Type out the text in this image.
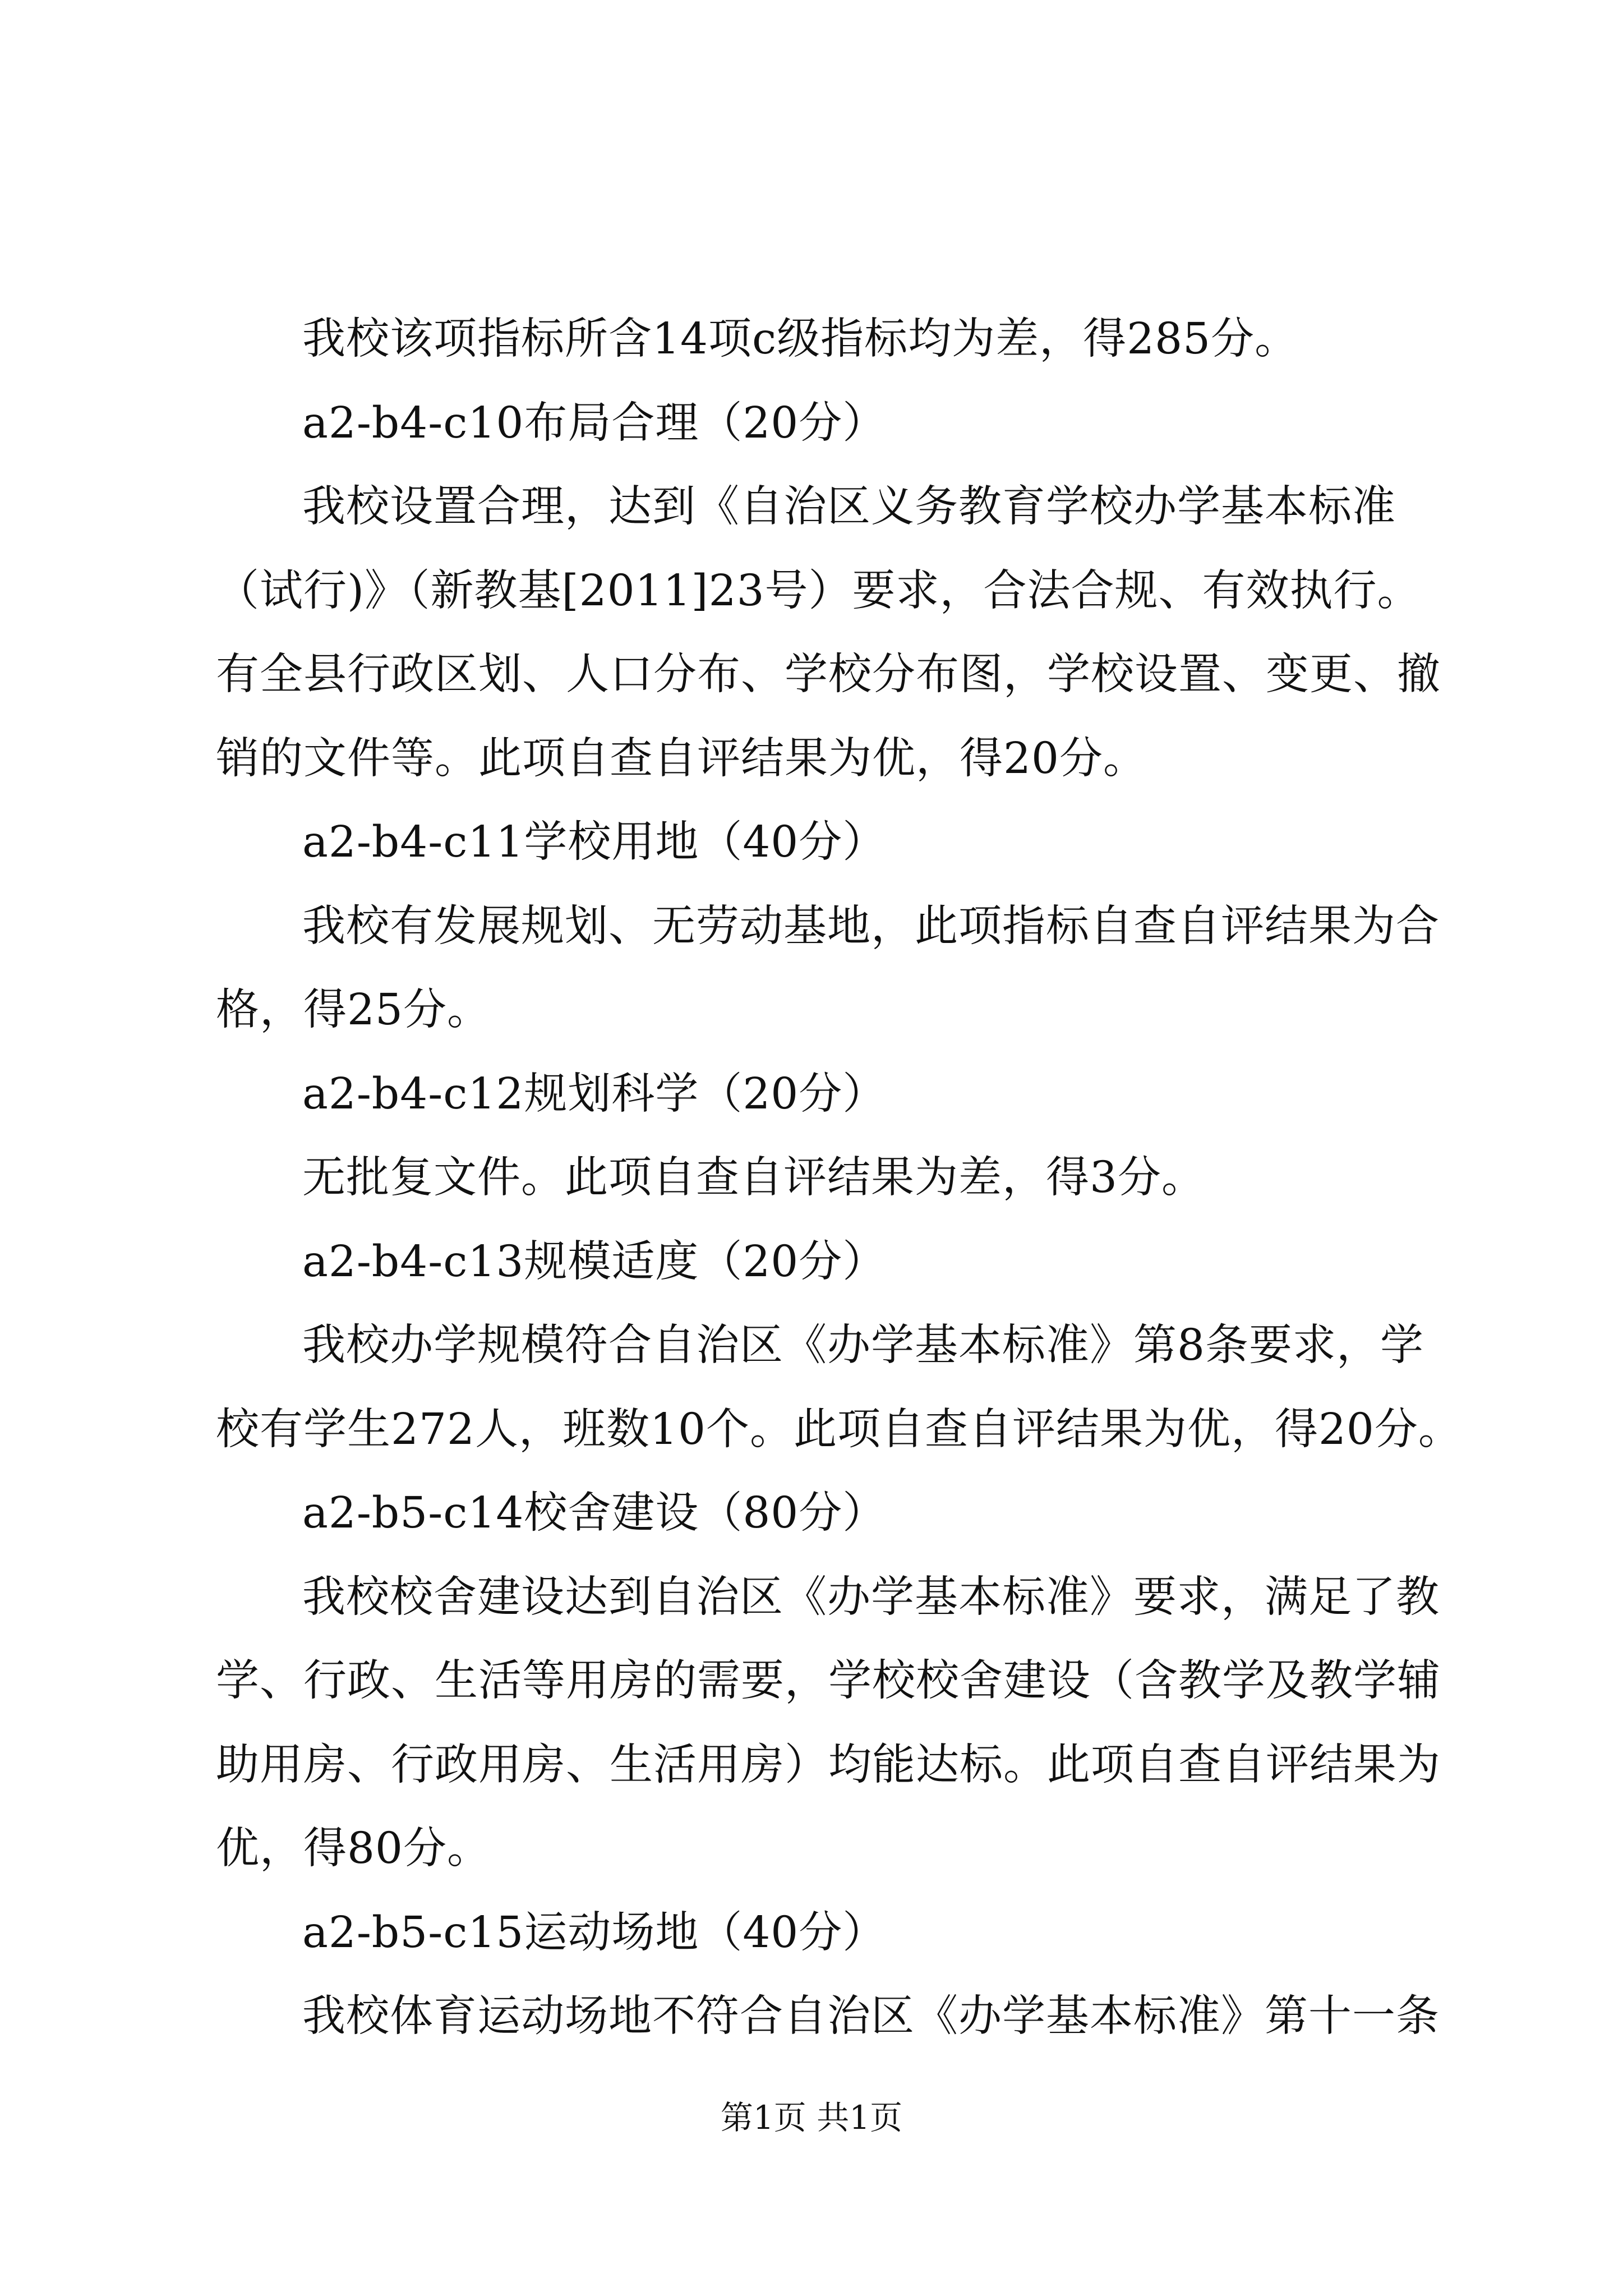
我校该项指标所含14项c级指标均为差，得285分。
a2-b4-c10布局合理（20分）
我校设置合理，达到《自治区义务教育学校办学基本标准
（试行)》（新教基[2011]23号）要求，合法合规、有效执行。
有全县行政区划、人口分布、学校分布图，学校设置、变更、撤
销的文件等。此项自查自评结果为优，得20分。
a2-b4-c11学校用地（40分）
我校有发展规划、无劳动基地，此项指标自查自评结果为合
格，得25分。
a2-b4-c12规划科学（20分）
无批复文件。此项自查自评结果为差，得3分。
a2-b4-c13规模适度（20分）
我校办学规模符合自治区《办学基本标准》第8条要求，学
校有学生272人，班数10个。此项自查自评结果为优，得20分。
a2-b5-c14校舍建设（80分）
我校校舍建设达到自治区《办学基本标准》要求，满足了教
学、行政、生活等用房的需要，学校校舍建设（含教学及教学辅
助用房、行政用房、生活用房）均能达标。此项自查自评结果为
优，得80分。
a2-b5-c15运动场地（40分）
我校体育运动场地不符合自治区《办学基本标准》第十一条
第1页 共1页
